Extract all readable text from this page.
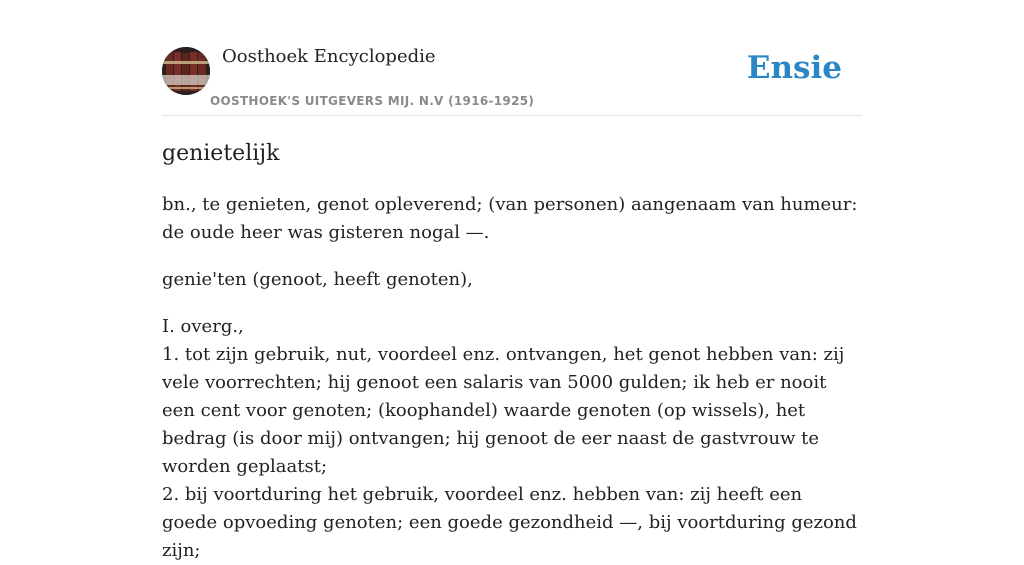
Oosthoek Encyclopedie
OOSTHOEK'S UITGEVERS MIJ. N.V (1916-1925)
Ensie
genietelijk

bn., te genieten, genot opleverend; (van personen) aangenaam van humeur: de oude heer was gisteren nogal —.

genie'ten (genoot, heeft genoten),

I. overg.,
1. tot zijn gebruik, nut, voordeel enz. ontvangen, het genot hebben van: zij vele voorrechten; hij genoot een salaris van 5000 gulden; ik heb er nooit een cent voor genoten; (koophandel) waarde genoten (op wissels), het bedrag (is door mij) ontvangen; hij genoot de eer naast de gastvrouw te worden geplaatst;
2. bij voortduring het gebruik, voordeel enz. hebben van: zij heeft een goede opvoeding genoten; een goede gezondheid —, bij voortduring gezond zijn;
